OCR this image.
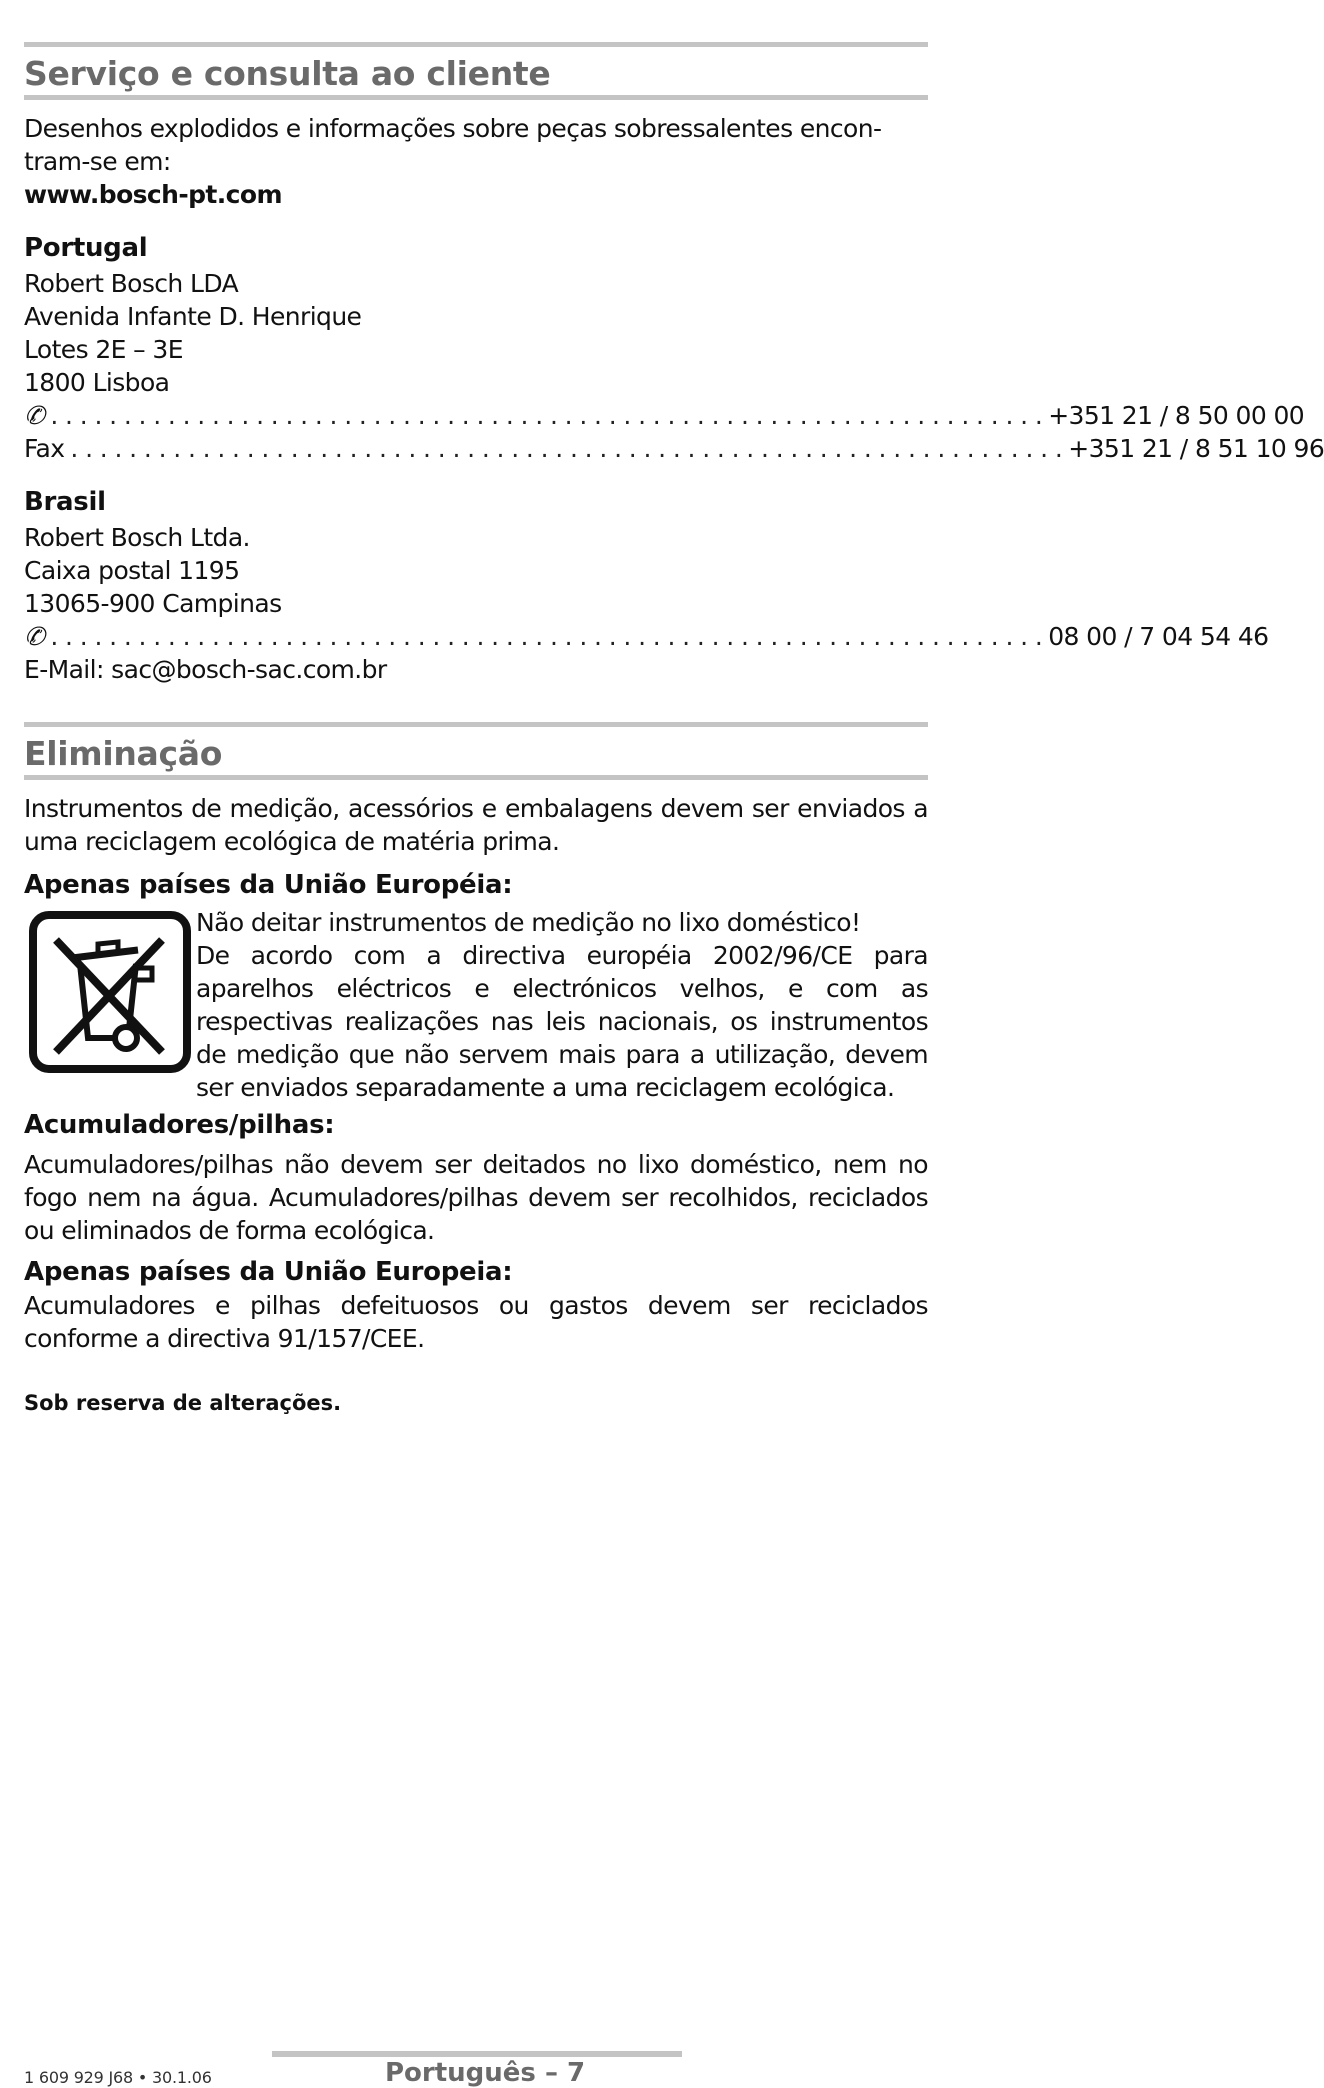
Serviço e consulta ao cliente

Desenhos explodidos e informações sobre peças sobressalentes encon-

tram-se em:

www.bosch-pt.com

Portugal

Robert Bosch LDA

Avenida Infante D. Henrique

Lotes 2E – 3E

1800 Lisboa

✆ . . . . . . . . . . . . . . . . . . . . . . . . . . . . . . . . . . . . . . . . . . . . . . . . . . . . . . . . . . . . . . . . . . . . +351 21 / 8 50 00 00
Fax . . . . . . . . . . . . . . . . . . . . . . . . . . . . . . . . . . . . . . . . . . . . . . . . . . . . . . . . . . . . . . . . . . . . +351 21 / 8 51 10 96

Brasil

Robert Bosch Ltda.

Caixa postal 1195

13065-900 Campinas

✆ . . . . . . . . . . . . . . . . . . . . . . . . . . . . . . . . . . . . . . . . . . . . . . . . . . . . . . . . . . . . . . . . . . . . 08 00 / 7 04 54 46

E-Mail: sac@bosch-sac.com.br

Eliminação

Instrumentos de medição, acessórios e embalagens devem ser enviados a uma reciclagem ecológica de matéria prima.

Apenas países da União Européia:

Não deitar instrumentos de medição no lixo doméstico!

De acordo com a directiva européia 2002/96/CE para aparelhos eléctricos e electrónicos velhos, e com as respectivas realizações nas leis nacionais, os instrumentos de medição que não servem mais para a utilização, devem ser enviados separadamente a uma reciclagem ecológica.

Acumuladores/pilhas:

Acumuladores/pilhas não devem ser deitados no lixo doméstico, nem no fogo nem na água. Acumuladores/pilhas devem ser recolhidos, reciclados ou eliminados de forma ecológica.

Apenas países da União Europeia:

Acumuladores e pilhas defeituosos ou gastos devem ser reciclados conforme a directiva 91/157/CEE.

Sob reserva de alterações.

1 609 929 J68 • 30.1.06	Português – 7
